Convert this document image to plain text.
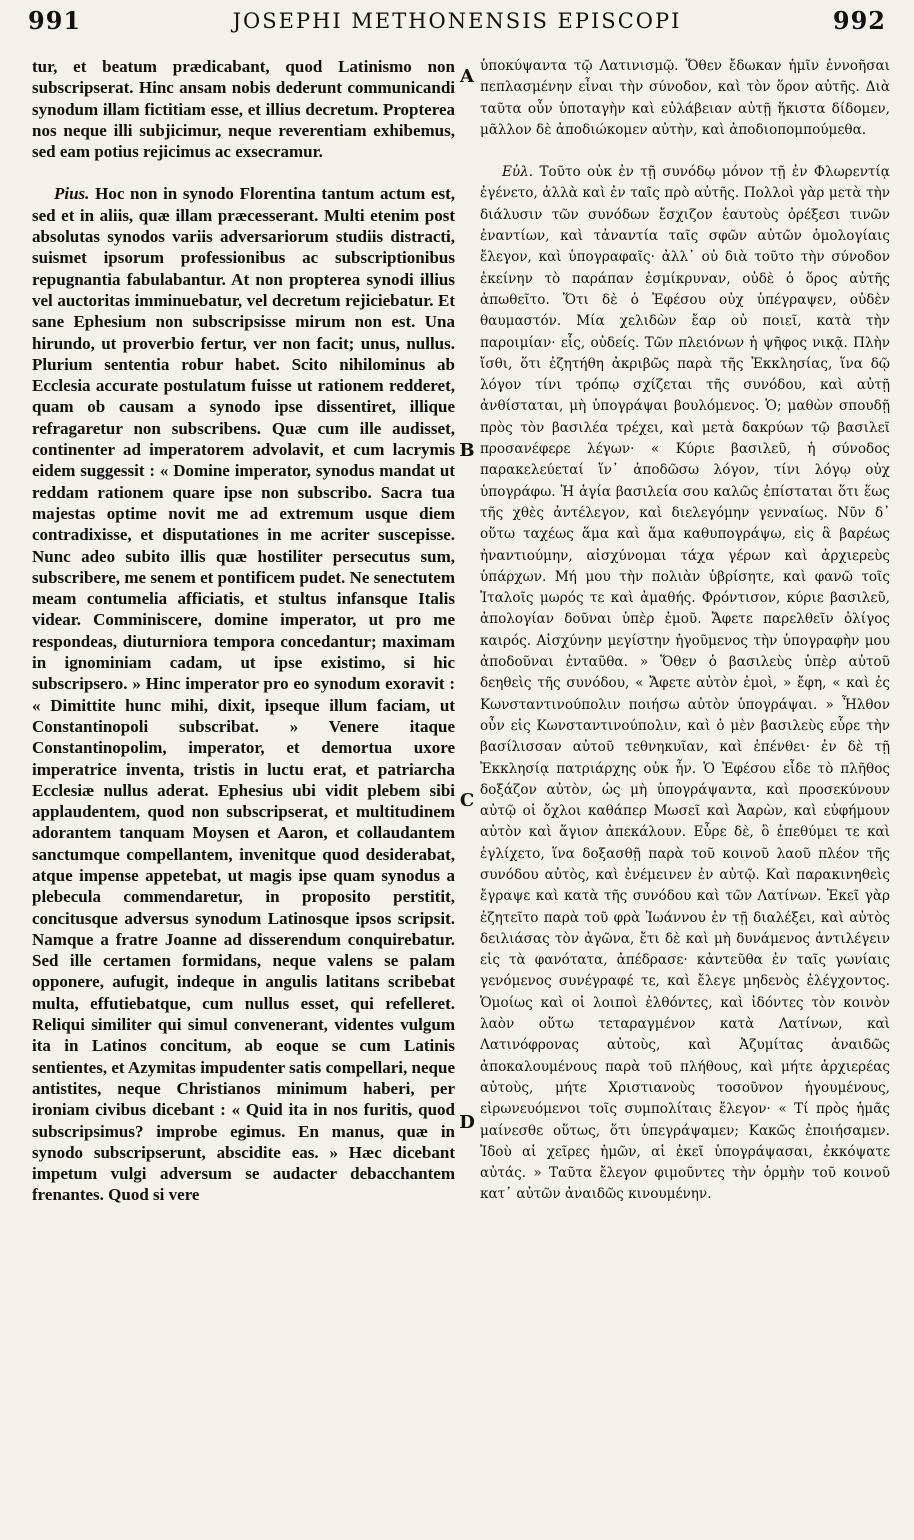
991	JOSEPHI METHONENSIS EPISCOPI	992

tur, et beatum prædicabant, quod Latinismo non subscripserat. Hinc ansam nobis dederunt communicandi synodum illam fictitiam esse, et illius decretum. Propterea nos neque illi subjicimur, neque reverentiam exhibemus, sed eam potius rejicimus ac exsecramur.

Pius. Hoc non in synodo Florentina tantum actum est, sed et in aliis, quæ illam præcesserant. Multi etenim post absolutas synodos variis adversariorum studiis distracti, suismet ipsorum professionibus ac subscriptionibus repugnantia fabulabantur. At non propterea synodi illius vel auctoritas imminuebatur, vel decretum rejiciebatur. Et sane Ephesium non subscripsisse mirum non est. Una hirundo, ut proverbio fertur, ver non facit; unus, nullus. Plurium sententia robur habet. Scito nihilominus ab Ecclesia accurate postulatum fuisse ut rationem redderet, quam ob causam a synodo ipse dissentiret, illique refragaretur non subscribens. Quæ cum ille audisset, continenter ad imperatorem advolavit, et cum lacrymis eidem suggessit : « Domine imperator, synodus mandat ut reddam rationem quare ipse non subscribo. Sacra tua majestas optime novit me ad extremum usque diem contradixisse, et disputationes in me acriter suscepisse. Nunc adeo subito illis quæ hostiliter persecutus sum, subscribere, me senem et pontificem pudet. Ne senectutem meam contumelia afficiatis, et stultus infansque Italis videar. Comminiscere, domine imperator, ut pro me respondeas, diuturniora tempora concedantur; maximam in ignominiam cadam, ut ipse existimo, si hic subscripsero. » Hinc imperator pro eo synodum exoravit : « Dimittite hunc mihi, dixit, ipseque illum faciam, ut Constantinopoli subscribat. » Venere itaque Constantinopolim, imperator, et demortua uxore imperatrice inventa, tristis in luctu erat, et patriarcha Ecclesiæ nullus aderat. Ephesius ubi vidit plebem sibi applaudentem, quod non subscripserat, et multitudinem adorantem tanquam Moysen et Aaron, et collaudantem sanctumque compellantem, invenitque quod desiderabat, atque impense appetebat, ut magis ipse quam synodus a plebecula commendaretur, in proposito perstitit, concitusque adversus synodum Latinosque ipsos scripsit. Namque a fratre Joanne ad disserendum conquirebatur. Sed ille certamen formidans, neque valens se palam opponere, aufugit, indeque in angulis latitans scribebat multa, effutiebatque, cum nullus esset, qui refelleret. Reliqui similiter qui simul convenerant, videntes vulgum ita in Latinos concitum, ab eoque se cum Latinis sentientes, et Azymitas impudenter satis compellari, neque antistites, neque Christianos minimum haberi, per ironiam civibus dicebant : « Quid ita in nos furitis, quod subscripsimus? improbe egimus. En manus, quæ in synodo subscripserunt, abscidite eas. » Hæc dicebant impetum vulgi adversum se audacter debacchantem frenantes. Quod si vere

A
B
C
D

ὑποκύψαντα τῷ Λατινισμῷ. Ὅθεν ἔδωκαν ἡμῖν ἐννοῆσαι πεπλασμένην εἶναι τὴν σύνοδον, καὶ τὸν ὅρον αὐτῆς. Διὰ ταῦτα οὖν ὑποταγὴν καὶ εὐλάβειαν αὐτῇ ἥκιστα δίδομεν, μᾶλλον δὲ ἀποδιώκομεν αὐτὴν, καὶ ἀποδιοπομπούμεθα.

Εὐλ. Τοῦτο οὐκ ἐν τῇ συνόδῳ μόνον τῇ ἐν Φλωρεντίᾳ ἐγένετο, ἀλλὰ καὶ ἐν ταῖς πρὸ αὐτῆς. Πολλοὶ γὰρ μετὰ τὴν διάλυσιν τῶν συνόδων ἔσχιζον ἑαυτοὺς ὀρέξεσι τινῶν ἐναντίων, καὶ τἀναντία ταῖς σφῶν αὐτῶν ὁμολογίαις ἔλεγον, καὶ ὑπογραφαῖς· ἀλλ᾽ οὐ διὰ τοῦτο τὴν σύνοδον ἐκείνην τὸ παράπαν ἐσμίκρυναν, οὐδὲ ὁ ὅρος αὐτῆς ἀπωθεῖτο. Ὅτι δὲ ὁ Ἐφέσου οὐχ ὑπέγραψεν, οὐδὲν θαυμαστόν. Μία χελιδὼν ἔαρ οὐ ποιεῖ, κατὰ τὴν παροιμίαν· εἷς, οὐδείς. Τῶν πλειόνων ἡ ψῆφος νικᾷ. Πλὴν ἴσθι, ὅτι ἐζητήθη ἀκριβῶς παρὰ τῆς Ἐκκλησίας, ἵνα δῷ λόγον τίνι τρόπῳ σχίζεται τῆς συνόδου, καὶ αὐτῇ ἀνθίσταται, μὴ ὑπογράψαι βουλόμενος. Ὁ; μαθὼν σπουδῇ πρὸς τὸν βασιλέα τρέχει, καὶ μετὰ δακρύων τῷ βασιλεῖ προσανέφερε λέγων· « Κύριε βασιλεῦ, ἡ σύνοδος παρακελεύεταί ἵν᾽ ἀποδῶσω λόγον, τίνι λόγῳ οὐχ ὑπογράφω. Ἡ ἁγία βασιλεία σου καλῶς ἐπίσταται ὅτι ἕως τῆς χθὲς ἀντέλεγον, καὶ διελεγόμην γενναίως. Νῦν δ᾽ οὕτω ταχέως ἅμα καὶ ἅμα καθυπογράψω, εἰς ἃ βαρέως ἠναντιούμην, αἰσχύνομαι τάχα γέρων καὶ ἀρχιερεὺς ὑπάρχων. Μή μου τὴν πολιὰν ὑβρίσητε, καὶ φανῶ τοῖς Ἰταλοῖς μωρός τε καὶ ἀμαθής. Φρόντισον, κύριε βασιλεῦ, ἀπολογίαν δοῦναι ὑπὲρ ἐμοῦ. Ἄφετε παρελθεῖν ὀλίγος καιρός. Αἰσχύνην μεγίστην ἡγοῦμενος τὴν ὑπογραφὴν μου ἀποδοῦναι ἐνταῦθα. » Ὅθεν ὁ βασιλεὺς ὑπὲρ αὐτοῦ δεηθεὶς τῆς συνόδου, « Ἄφετε αὐτὸν ἐμοὶ, » ἔφη, « καὶ ἐς Κωνσταντινούπολιν ποιήσω αὐτὸν ὑπογράψαι. » Ἦλθον οὖν εἰς Κωνσταντινούπολιν, καὶ ὁ μὲν βασιλεὺς εὗρε τὴν βασίλισσαν αὐτοῦ τεθνηκυῖαν, καὶ ἐπένθει· ἐν δὲ τῇ Ἐκκλησίᾳ πατριάρχης οὐκ ἦν. Ὁ Ἐφέσου εἶδε τὸ πλῆθος δοξάζον αὐτὸν, ὡς μὴ ὑπογράψαντα, καὶ προσεκύνουν αὐτῷ οἱ ὄχλοι καθάπερ Μωσεῖ καὶ Ἀαρὼν, καὶ εὐφήμουν αὐτὸν καὶ ἅγιον ἀπεκάλουν. Εὗρε δὲ, ὃ ἐπεθύμει τε καὶ ἐγλίχετο, ἵνα δοξασθῇ παρὰ τοῦ κοινοῦ λαοῦ πλέον τῆς συνόδου αὐτὸς, καὶ ἐνέμεινεν ἐν αὐτῷ. Καὶ παρακινηθεὶς ἔγραψε καὶ κατὰ τῆς συνόδου καὶ τῶν Λατίνων. Ἐκεῖ γὰρ ἐζητεῖτο παρὰ τοῦ φρὰ Ἰωάννου ἐν τῇ διαλέξει, καὶ αὐτὸς δειλιάσας τὸν ἀγῶνα, ἔτι δὲ καὶ μὴ δυνάμενος ἀντιλέγειν εἰς τὰ φανότατα, ἀπέδρασε· κἀντεῦθα ἐν ταῖς γωνίαις γενόμενος συνέγραφέ τε, καὶ ἔλεγε μηδενὸς ἐλέγχοντος. Ὁμοίως καὶ οἱ λοιποὶ ἐλθόντες, καὶ ἰδόντες τὸν κοινὸν λαὸν οὕτω τεταραγμένον κατὰ Λατίνων, καὶ Λατινόφρονας αὐτοὺς, καὶ Ἀζυμίτας ἀναιδῶς ἀποκαλουμένους παρὰ τοῦ πλήθους, καὶ μήτε ἀρχιερέας αὐτοὺς, μήτε Χριστιανοὺς τοσοῦνον ἡγουμένους, εἰρωνευόμενοι τοῖς συμπολίταις ἔλεγον· « Τί πρὸς ἡμᾶς μαίνεσθε οὕτως, ὅτι ὑπεγράψαμεν; Κακῶς ἐποιήσαμεν. Ἰδοὺ αἱ χεῖρες ἡμῶν, αἱ ἐκεῖ ὑπογράψασαι, ἐκκόψατε αὐτάς. » Ταῦτα ἔλεγον φιμοῦντες τὴν ὁρμὴν τοῦ κοινοῦ κατ᾽ αὐτῶν ἀναιδῶς κινουμένην.
